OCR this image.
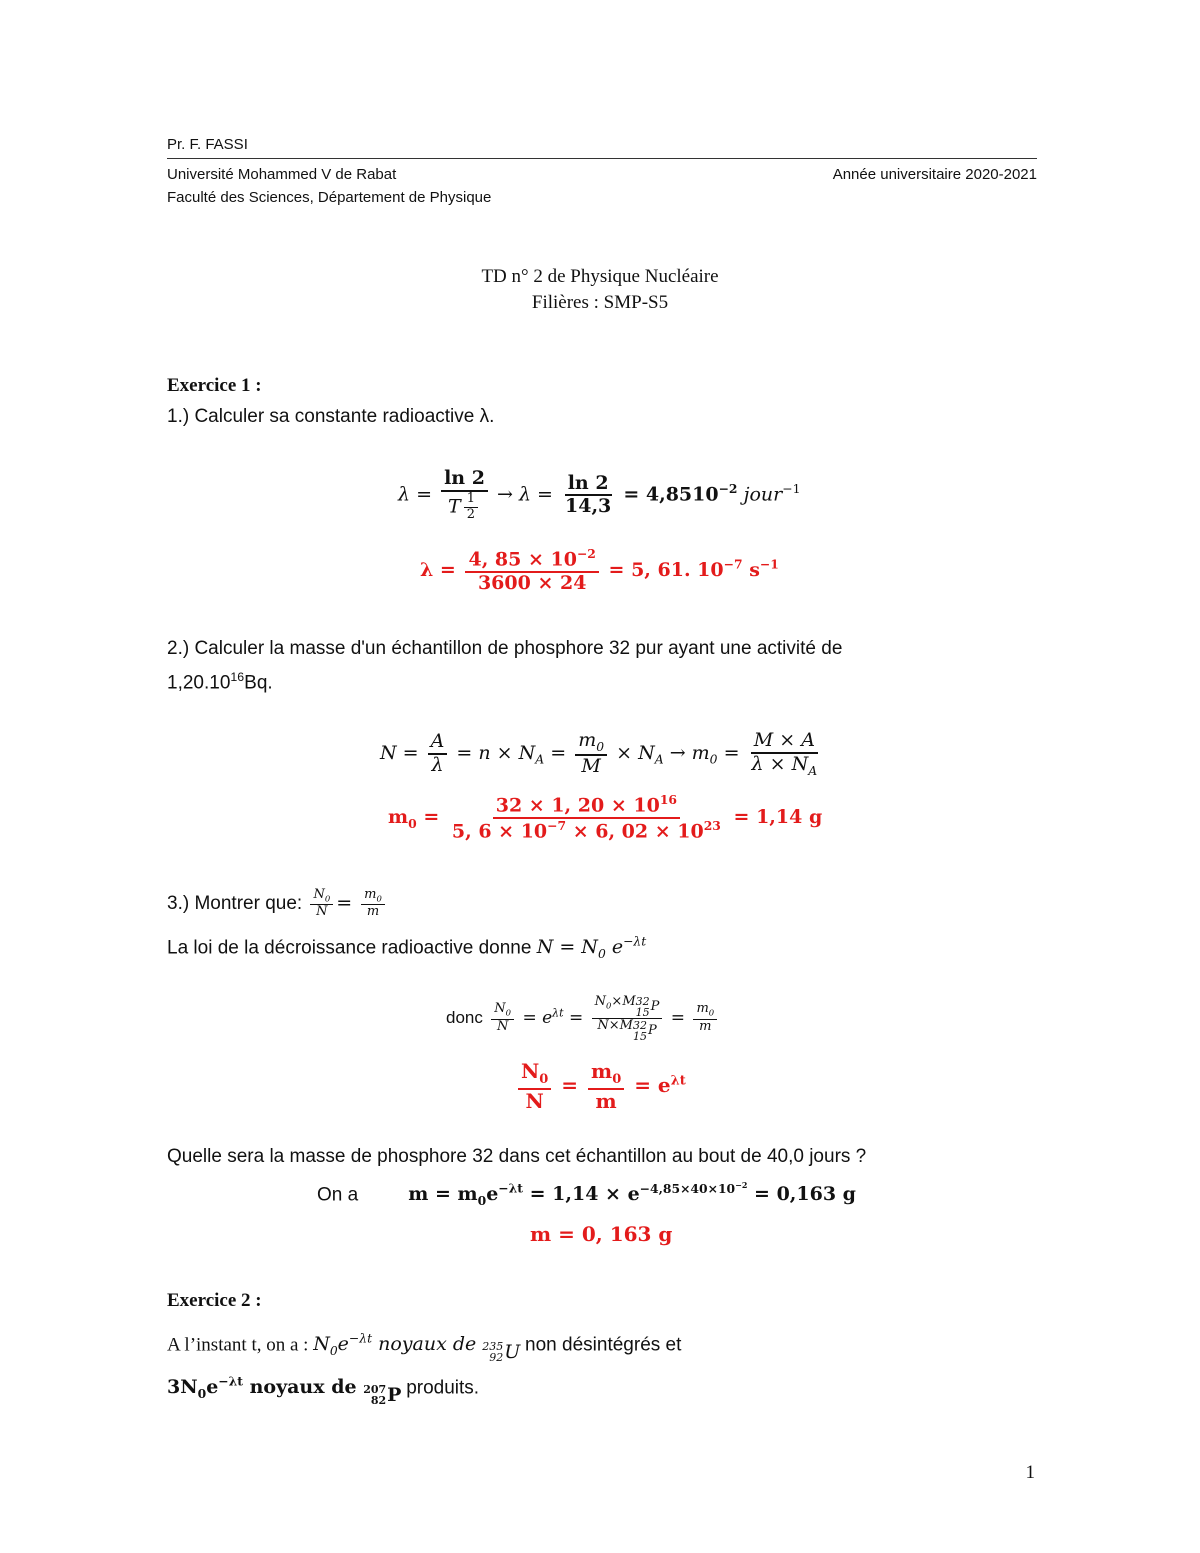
Pr. F. FASSI
Université Mohammed V de Rabat	Année universitaire 2020-2021
Faculté des Sciences, Département de Physique
TD n° 2 de Physique Nucléaire
Filières : SMP-S5
Exercice 1 :
1.) Calculer sa constante radioactive λ.
$\lambda = \frac{\ln 2}{T \frac{1}{2}} \to \lambda = \frac{\ln 2}{14,3} = 4,8510^{-2}$ jour$^{-1}$
$\lambda = \frac{4, 85 \times 10^{-2}}{3600 \times 24} = 5$, 61. $10^{-7}$ $s^{-1}$
2.) Calculer la masse d'un échantillon de phosphore 32 pur ayant une activité de
1,20.10$^{16}$Bq.
$N = \frac{A}{\lambda} = n \times N_A = \frac{m_0}{M} \times N_A \to m_0 = \frac{M \times A}{\lambda \times N_A}$
$m_0 = \frac{32 \times 1, 20 \times 10^{16}}{5, 6 \times 10^{-7} \times 6, 02 \times 10^{23}} = 1,14$ g
3.) Montrer que: $\frac{N_0}{N} = \frac{m_0}{m}$
La loi de la décroissance radioactive donne $N = N_0$ $e^{-\lambda t}$
donc $\frac{N_0}{N} = e^{\lambda t} = N_0\times M$ 32
15 P
N×M 32
15 $P = \frac{m_0}{m}$
$\frac{N_0}{N} = \frac{m_0}{m} = e^{\lambda t}$
Quelle sera la masse de phosphore 32 dans cet échantillon au bout de 40,0 jours ?
On a	$m = m_0e^{-\lambda t} = 1,14 \times e^{-4,85\times 40\times 10^{-2}} = 0,163$ g
m = 0, 163 g
Exercice 2 :
A l’instant t, on a : $N_0e^{-\lambda t}$ noyaux de 235
92 U non désintégrés et
$3N_0e^{-\lambda t}$ noyaux de 207
82 P produits.
1
